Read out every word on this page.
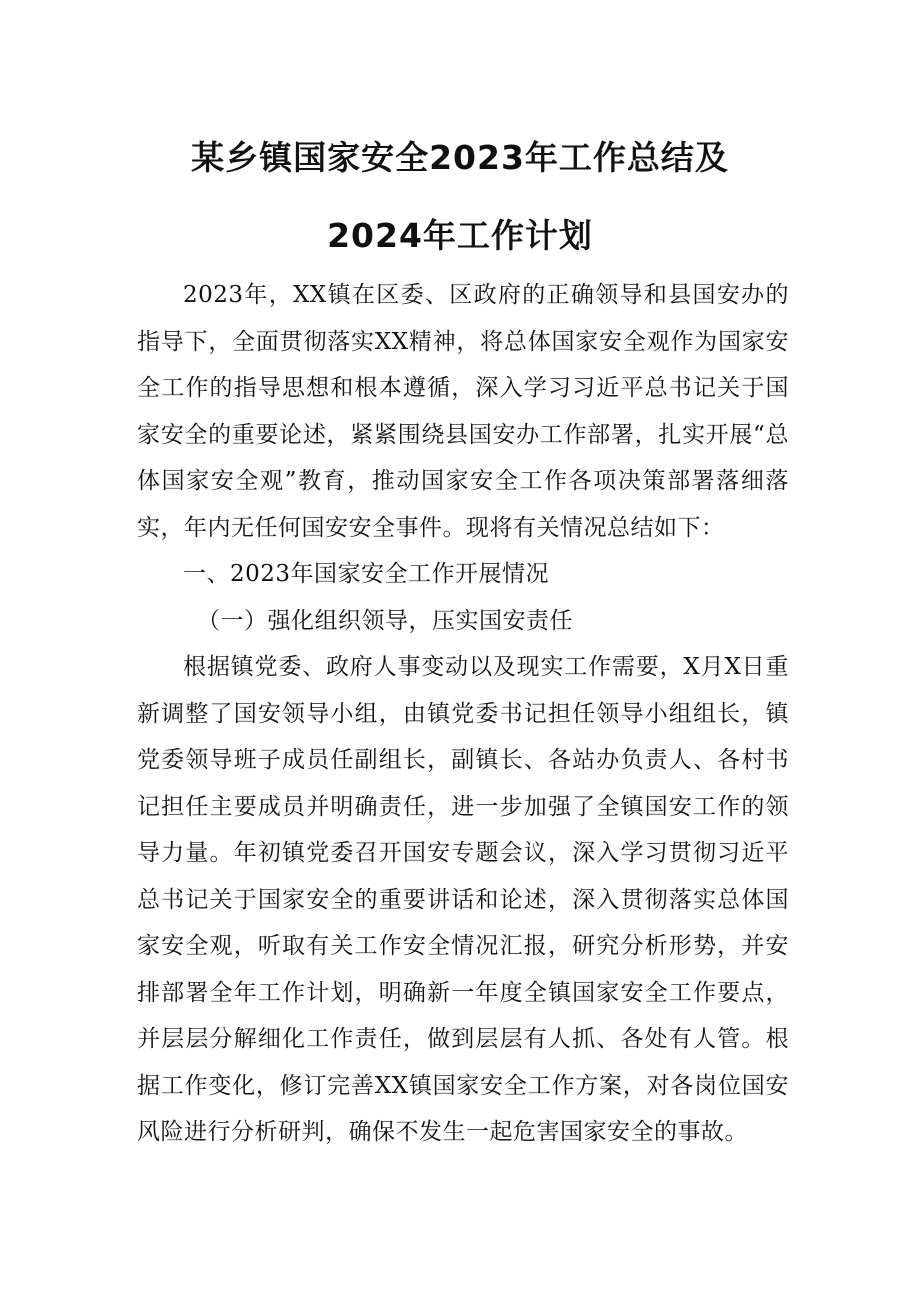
某乡镇国家安全2023年工作总结及
2024年工作计划

2023年，XX镇在区委、区政府的正确领导和县国安办的指导下，全面贯彻落实XX精神，将总体国家安全观作为国家安全工作的指导思想和根本遵循，深入学习习近平总书记关于国家安全的重要论述，紧紧围绕县国安办工作部署，扎实开展“总体国家安全观”教育，推动国家安全工作各项决策部署落细落实，年内无任何国安安全事件。现将有关情况总结如下：

一、2023年国家安全工作开展情况

（一）强化组织领导，压实国安责任

根据镇党委、政府人事变动以及现实工作需要，X月X日重新调整了国安领导小组，由镇党委书记担任领导小组组长，镇党委领导班子成员任副组长，副镇长、各站办负责人、各村书记担任主要成员并明确责任，进一步加强了全镇国安工作的领导力量。年初镇党委召开国安专题会议，深入学习贯彻习近平总书记关于国家安全的重要讲话和论述，深入贯彻落实总体国家安全观，听取有关工作安全情况汇报，研究分析形势，并安排部署全年工作计划，明确新一年度全镇国家安全工作要点，并层层分解细化工作责任，做到层层有人抓、各处有人管。根据工作变化，修订完善XX镇国家安全工作方案，对各岗位国安风险进行分析研判，确保不发生一起危害国家安全的事故。
